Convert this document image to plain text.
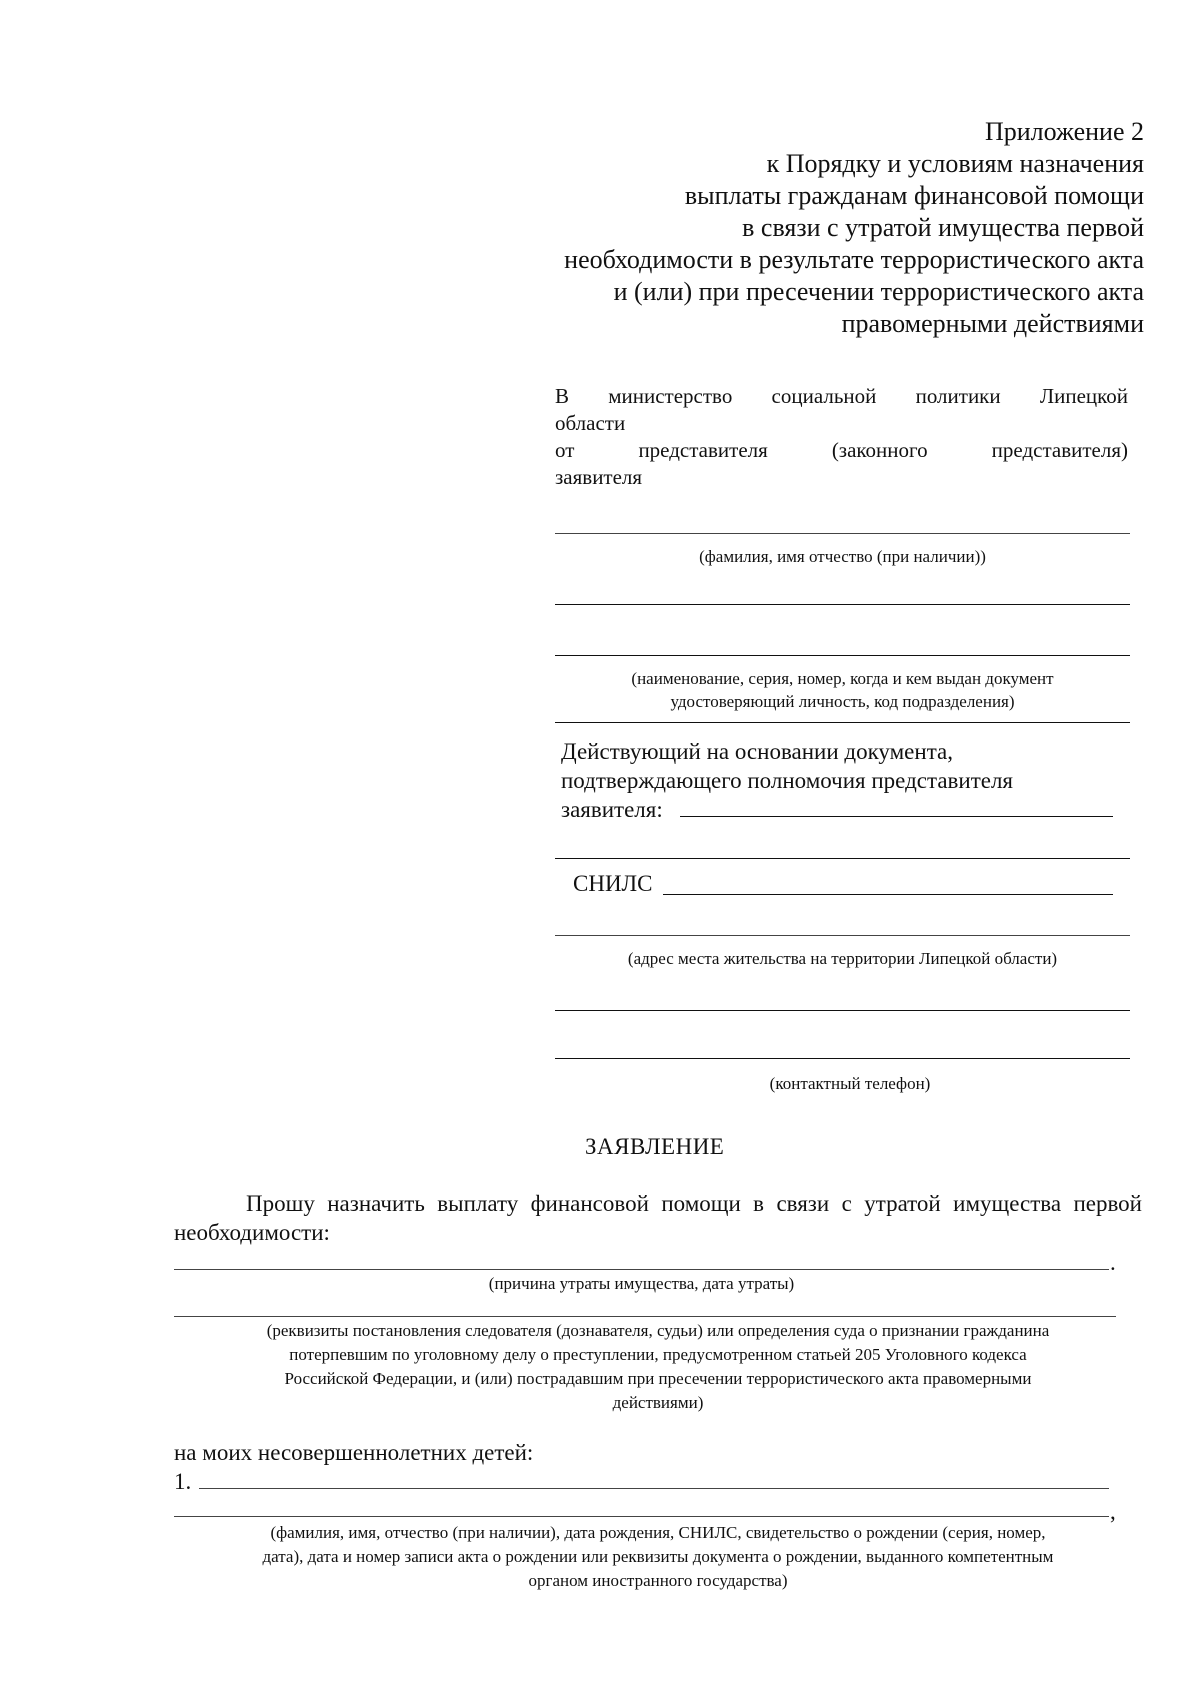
Приложение 2
к Порядку и условиям назначения
выплаты гражданам финансовой помощи
в связи с утратой имущества первой
необходимости в результате террористического акта
и (или) при пресечении террористического акта
правомерными действиями
В министерство социальной политики Липецкой
области
от представителя (законного представителя)
заявителя
(фамилия, имя отчество (при наличии))
(наименование, серия, номер, когда и кем выдан документ
удостоверяющий личность, код подразделения)
Действующий на основании документа,
подтверждающего полномочия представителя
заявителя:
СНИЛС
(адрес места жительства на территории Липецкой области)
(контактный телефон)
ЗАЯВЛЕНИЕ
Прошу назначить выплату финансовой помощи в связи с утратой имущества первой
необходимости:
.
(причина утраты имущества, дата утраты)
(реквизиты постановления следователя (дознавателя, судьи) или определения суда о признании гражданина
потерпевшим по уголовному делу о преступлении, предусмотренном статьей 205 Уголовного кодекса
Российской Федерации, и (или) пострадавшим при пресечении террористического акта правомерными
действиями)
на моих несовершеннолетних детей:
1.
,
(фамилия, имя, отчество (при наличии), дата рождения, СНИЛС, свидетельство о рождении (серия, номер,
дата), дата и номер записи акта о рождении или реквизиты документа о рождении, выданного компетентным
органом иностранного государства)
